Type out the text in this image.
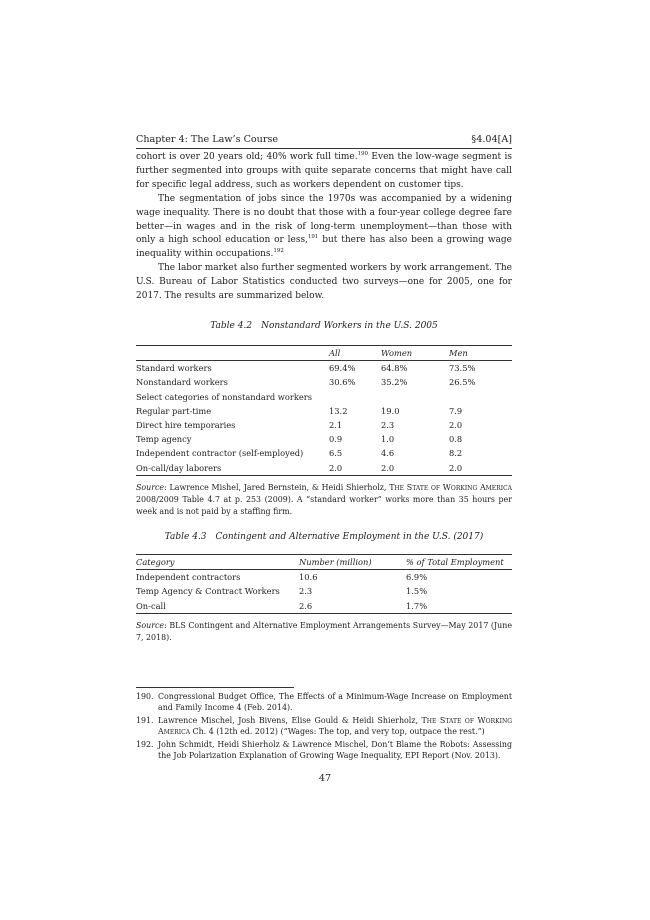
Chapter 4: The Law’s Course	§4.04[A]

cohort is over 20 years old; 40% work full time.$^{190}$ Even the low-wage segment is further segmented into groups with quite separate concerns that might have call for specific legal address, such as workers dependent on customer tips.

The segmentation of jobs since the 1970s was accompanied by a widening wage inequality. There is no doubt that those with a four-year college degree fare better—in wages and in the risk of long-term unemployment—than those with only a high school education or less,$^{191}$ but there has also been a growing wage inequality within occupations.$^{192}$

The labor market also further segmented workers by work arrangement. The U.S. Bureau of Labor Statistics conducted two surveys—one for 2005, one for 2017. The results are summarized below.

Table 4.2 Nonstandard Workers in the U.S. 2005
	All	Women	Men
Standard workers	69.4%	64.8%	73.5%
Nonstandard workers	30.6%	35.2%	26.5%
Select categories of nonstandard workers			
Regular part-time	13.2	19.0	7.9
Direct hire temporaries	2.1	2.3	2.0
Temp agency	0.9	1.0	0.8
Independent contractor (self-employed)	6.5	4.6	8.2
On-call/day laborers	2.0	2.0	2.0
Source: Lawrence Mishel, Jared Bernstein, & Heidi Shierholz, The State of Working America 2008/2009 Table 4.7 at p. 253 (2009). A “standard worker” works more than 35 hours per week and is not paid by a staffing firm.
Table 4.3 Contingent and Alternative Employment in the U.S. (2017)
Category	Number (million)	% of Total Employment
Independent contractors	10.6	6.9%
Temp Agency & Contract Workers	2.3	1.5%
On-call	2.6	1.7%
Source: BLS Contingent and Alternative Employment Arrangements Survey—May 2017 (June 7, 2018).
190. Congressional Budget Office, The Effects of a Minimum-Wage Increase on Employment and Family Income 4 (Feb. 2014).
191. Lawrence Mischel, Josh Bivens, Elise Gould & Heidi Shierholz, The State of Working America Ch. 4 (12th ed. 2012) (“Wages: The top, and very top, outpace the rest.”)
192. John Schmidt, Heidi Shierholz & Lawrence Mischel, Don’t Blame the Robots: Assessing the Job Polarization Explanation of Growing Wage Inequality, EPI Report (Nov. 2013).
47
